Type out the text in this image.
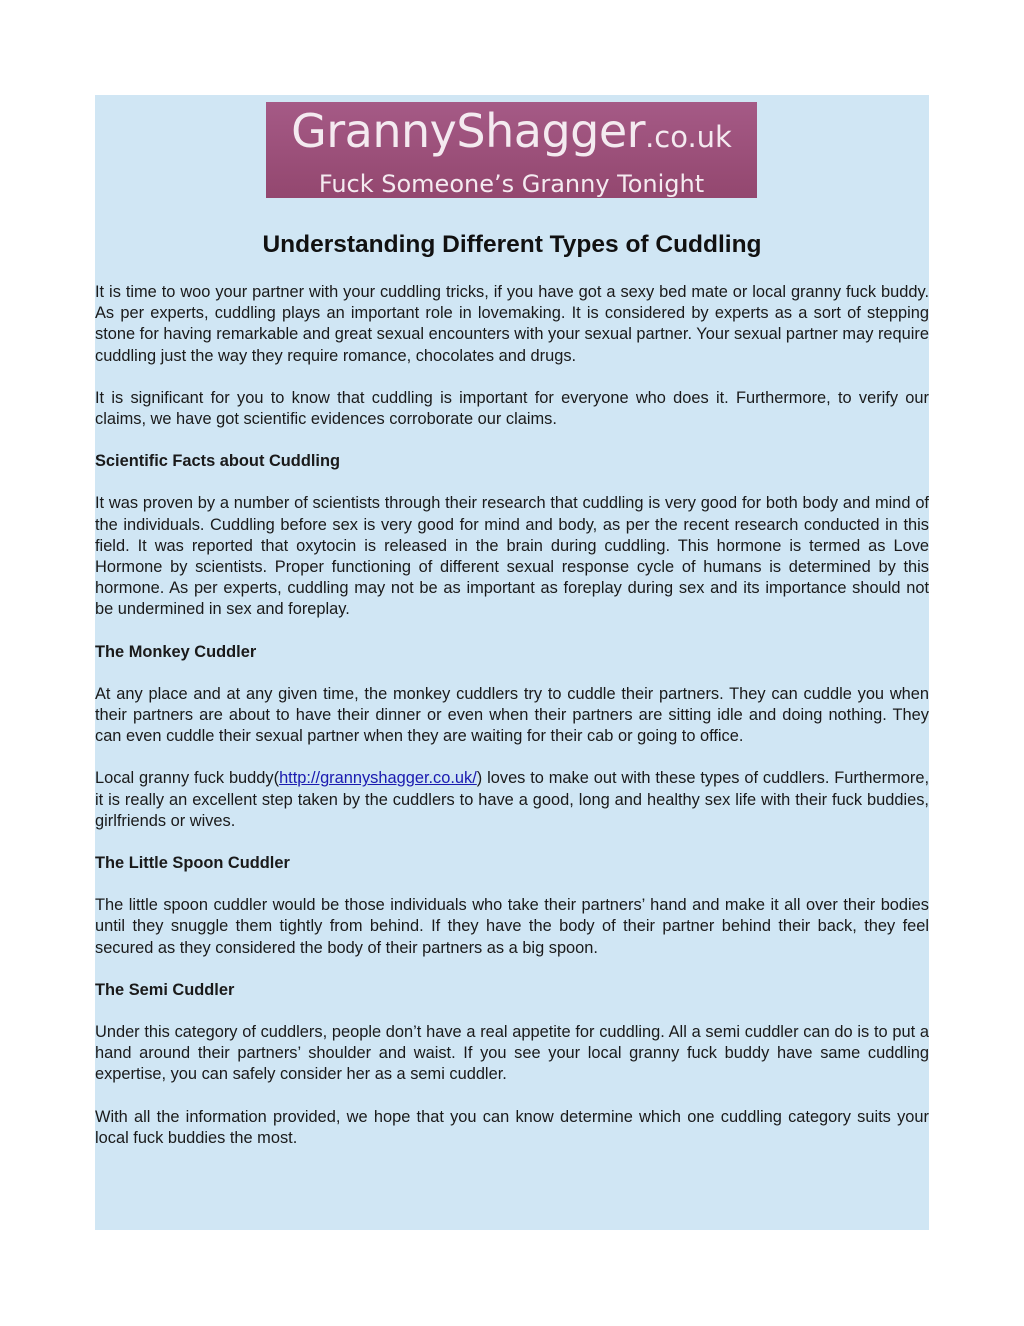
GrannyShagger.co.uk
Fuck Someone’s Granny Tonight
Understanding Different Types of Cuddling

It is time to woo your partner with your cuddling tricks, if you have got a sexy bed mate or local granny fuck buddy. As per experts, cuddling plays an important role in lovemaking. It is considered by experts as a sort of stepping stone for having remarkable and great sexual encounters with your sexual partner. Your sexual partner may require cuddling just the way they require romance, chocolates and drugs.

It is significant for you to know that cuddling is important for everyone who does it. Furthermore, to verify our claims, we have got scientific evidences corroborate our claims.

Scientific Facts about Cuddling

It was proven by a number of scientists through their research that cuddling is very good for both body and mind of the individuals. Cuddling before sex is very good for mind and body, as per the recent research conducted in this field. It was reported that oxytocin is released in the brain during cuddling. This hormone is termed as Love Hormone by scientists. Proper functioning of different sexual response cycle of humans is determined by this hormone. As per experts, cuddling may not be as important as foreplay during sex and its importance should not be undermined in sex and foreplay.

The Monkey Cuddler

At any place and at any given time, the monkey cuddlers try to cuddle their partners. They can cuddle you when their partners are about to have their dinner or even when their partners are sitting idle and doing nothing. They can even cuddle their sexual partner when they are waiting for their cab or going to office.

Local granny fuck buddy(http://grannyshagger.co.uk/) loves to make out with these types of cuddlers. Furthermore, it is really an excellent step taken by the cuddlers to have a good, long and healthy sex life with their fuck buddies, girlfriends or wives.

The Little Spoon Cuddler

The little spoon cuddler would be those individuals who take their partners’ hand and make it all over their bodies until they snuggle them tightly from behind. If they have the body of their partner behind their back, they feel secured as they considered the body of their partners as a big spoon.

The Semi Cuddler

Under this category of cuddlers, people don’t have a real appetite for cuddling. All a semi cuddler can do is to put a hand around their partners’ shoulder and waist. If you see your local granny fuck buddy have same cuddling expertise, you can safely consider her as a semi cuddler.

With all the information provided, we hope that you can know determine which one cuddling category suits your local fuck buddies the most.
